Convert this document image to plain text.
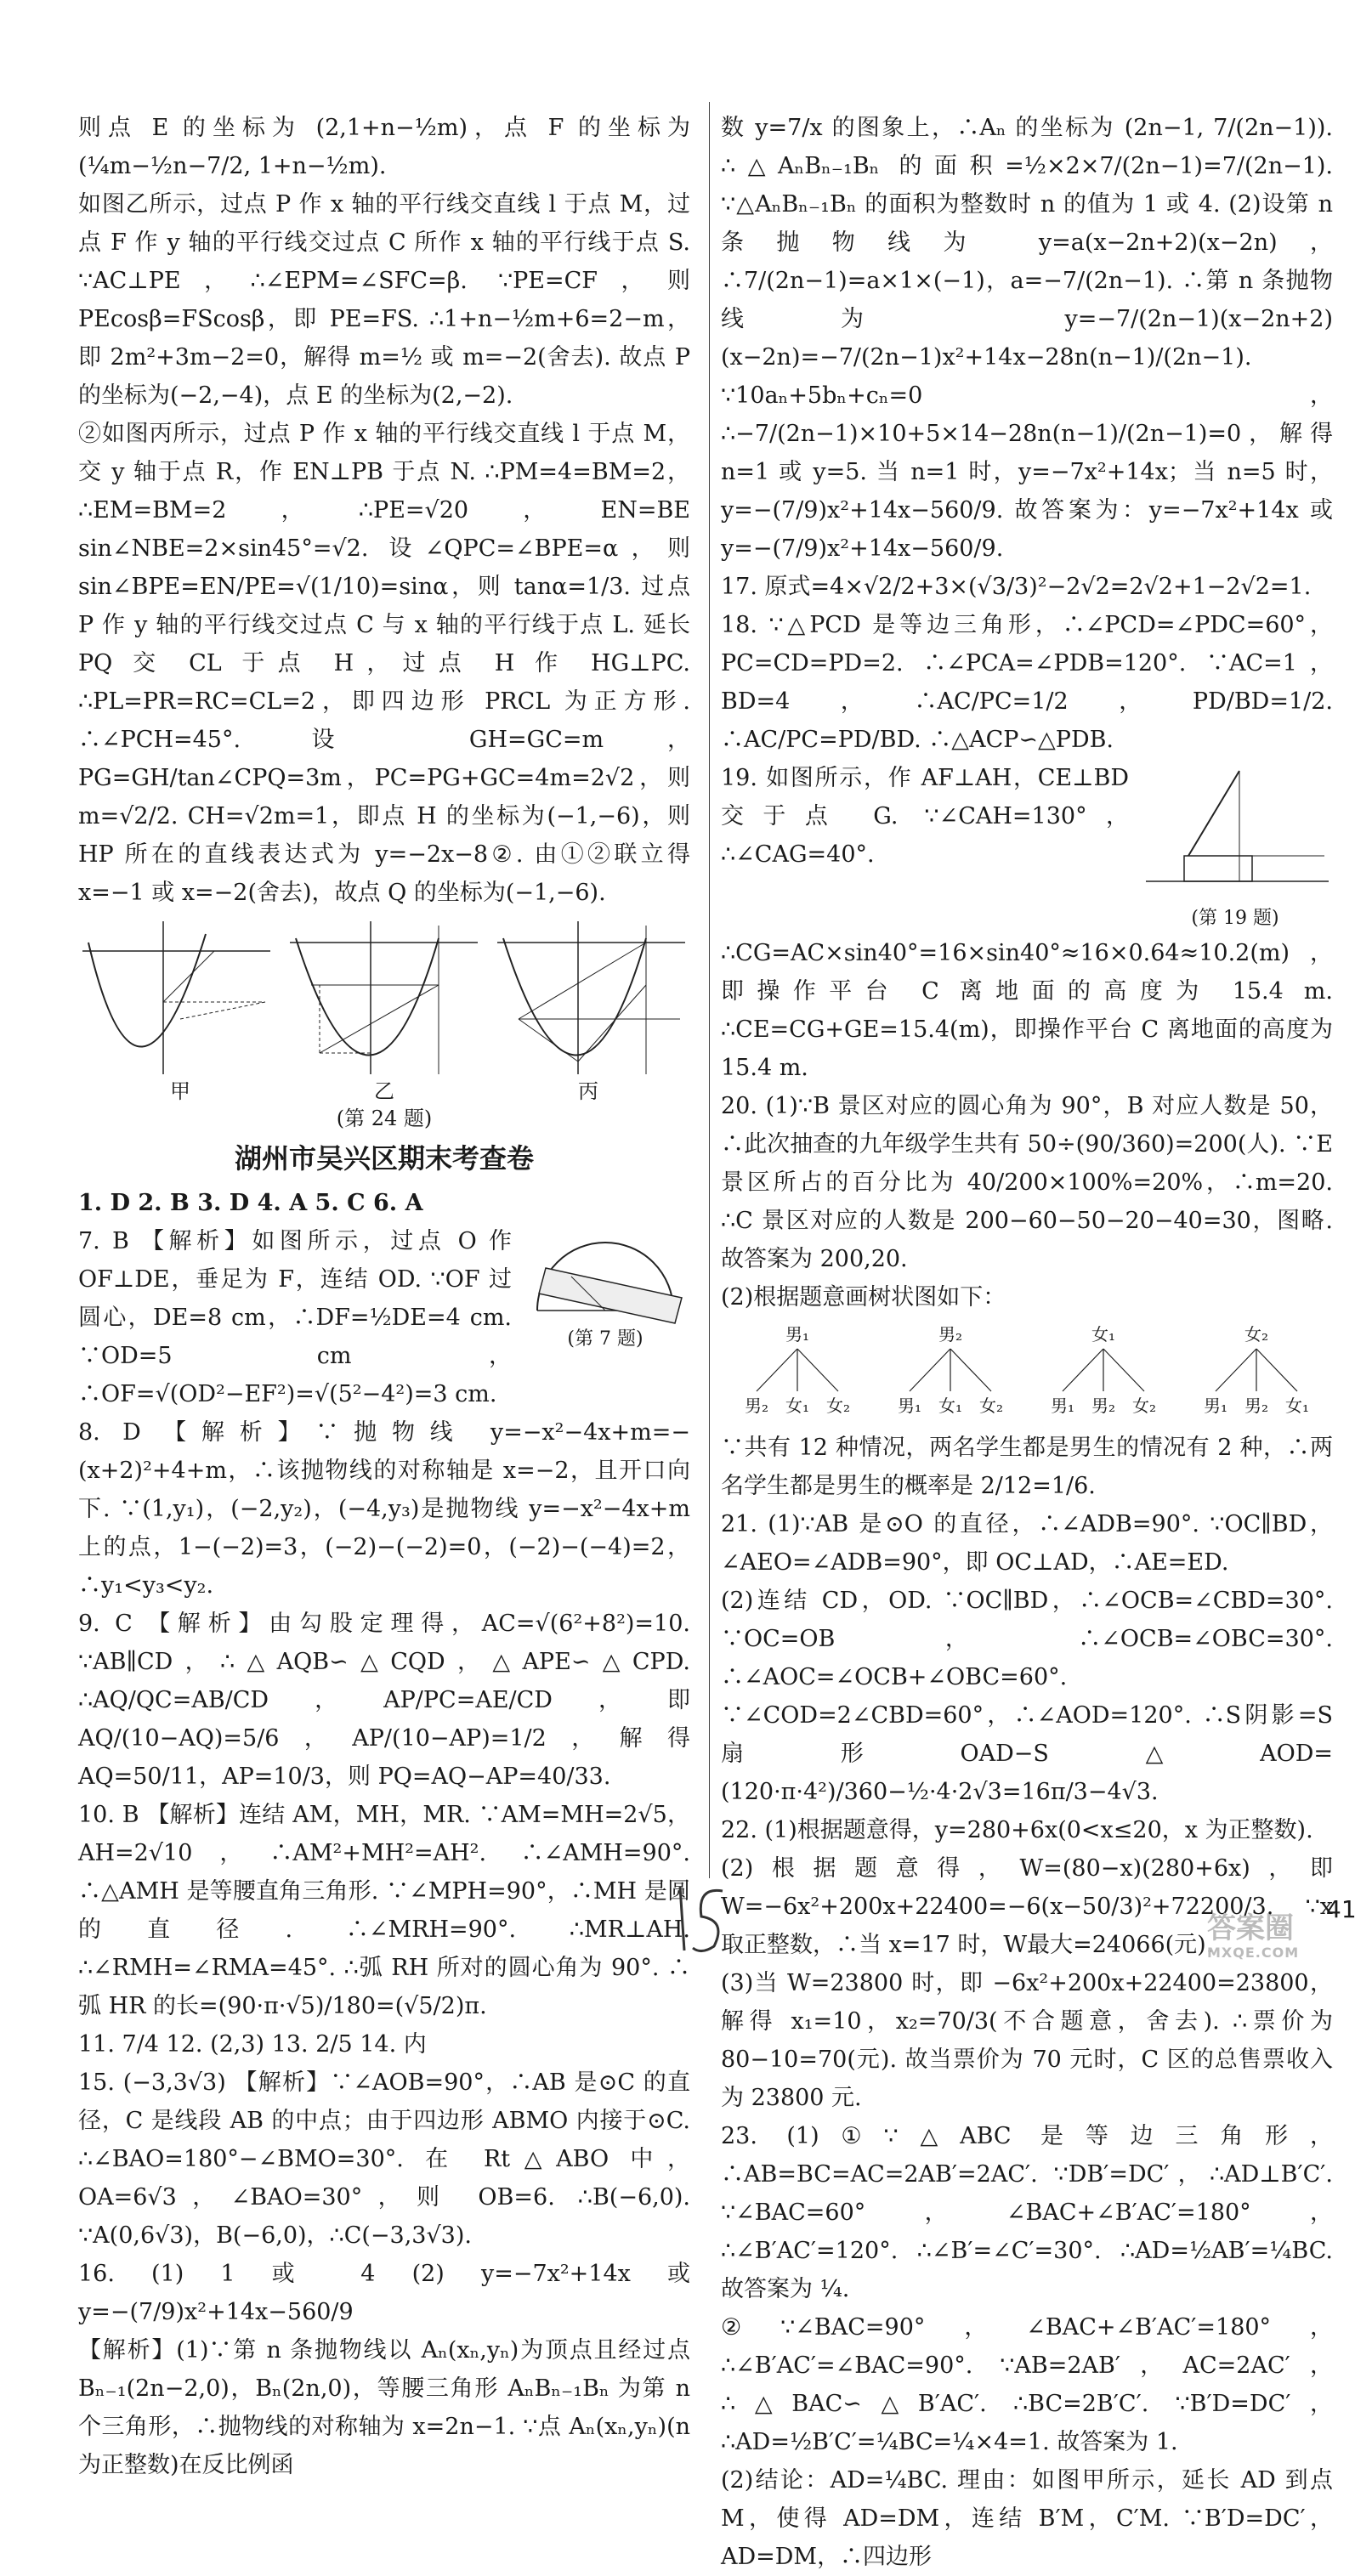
则点 E 的坐标为 (2,1+n−½m)，点 F 的坐标为 (¼m−½n−7/2, 1+n−½m).

如图乙所示，过点 P 作 x 轴的平行线交直线 l 于点 M，过点 F 作 y 轴的平行线交过点 C 所作 x 轴的平行线于点 S. ∵AC⊥PE，∴∠EPM=∠SFC=β. ∵PE=CF，则 PEcosβ=FScosβ，即 PE=FS. ∴1+n−½m+6=2−m，即 2m²+3m−2=0，解得 m=½ 或 m=−2(舍去). 故点 P 的坐标为(−2,−4)，点 E 的坐标为(2,−2).

②如图丙所示，过点 P 作 x 轴的平行线交直线 l 于点 M，交 y 轴于点 R，作 EN⊥PB 于点 N. ∴PM=4=BM=2，∴EM=BM=2，∴PE=√20，EN=BE sin∠NBE=2×sin45°=√2. 设∠QPC=∠BPE=α，则 sin∠BPE=EN/PE=√(1/10)=sinα，则 tanα=1/3. 过点 P 作 y 轴的平行线交过点 C 与 x 轴的平行线于点 L. 延长 PQ 交 CL 于点 H，过点 H 作 HG⊥PC. ∴PL=PR=RC=CL=2，即四边形 PRCL 为正方形. ∴∠PCH=45°. 设 GH=GC=m，PG=GH/tan∠CPQ=3m，PC=PG+GC=4m=2√2，则 m=√2/2. CH=√2m=1，即点 H 的坐标为(−1,−6)，则 HP 所在的直线表达式为 y=−2x−8②. 由①②联立得 x=−1 或 x=−2(舍去)，故点 Q 的坐标为(−1,−6).

甲	乙	丙
(第 24 题)
湖州市吴兴区期末考查卷

1. D 2. B 3. D 4. A 5. C 6. A

(第 7 题)

7. B 【解析】如图所示，过点 O 作 OF⊥DE，垂足为 F，连结 OD. ∵OF 过圆心，DE=8 cm，∴DF=½DE=4 cm. ∵OD=5 cm，∴OF=√(OD²−EF²)=√(5²−4²)=3 cm.

8. D 【解析】∵抛物线 y=−x²−4x+m=−(x+2)²+4+m，∴该抛物线的对称轴是 x=−2，且开口向下. ∵(1,y₁)，(−2,y₂)，(−4,y₃)是抛物线 y=−x²−4x+m 上的点，1−(−2)=3，(−2)−(−2)=0，(−2)−(−4)=2，∴y₁<y₃<y₂.

9. C 【解析】由勾股定理得，AC=√(6²+8²)=10. ∵AB∥CD，∴△AQB∽△CQD，△APE∽△CPD. ∴AQ/QC=AB/CD，AP/PC=AE/CD，即 AQ/(10−AQ)=5/6，AP/(10−AP)=1/2，解得 AQ=50/11，AP=10/3，则 PQ=AQ−AP=40/33.

10. B 【解析】连结 AM，MH，MR. ∵AM=MH=2√5，AH=2√10，∴AM²+MH²=AH². ∴∠AMH=90°. ∴△AMH 是等腰直角三角形. ∵∠MPH=90°，∴MH 是圆的直径. ∴∠MRH=90°. ∴MR⊥AH. ∴∠RMH=∠RMA=45°. ∴弧 RH 所对的圆心角为 90°. ∴弧 HR 的长=(90·π·√5)/180=(√5/2)π.

11. 7/4 12. (2,3) 13. 2/5 14. 内

15. (−3,3√3) 【解析】∵∠AOB=90°，∴AB 是⊙C 的直径，C 是线段 AB 的中点；由于四边形 ABMO 内接于⊙C. ∴∠BAO=180°−∠BMO=30°. 在 Rt△ABO 中，OA=6√3，∠BAO=30°，则 OB=6. ∴B(−6,0). ∵A(0,6√3)，B(−6,0)，∴C(−3,3√3).

16. (1) 1 或 4 (2) y=−7x²+14x 或 y=−(7/9)x²+14x−560/9

【解析】(1)∵第 n 条抛物线以 Aₙ(xₙ,yₙ)为顶点且经过点 Bₙ₋₁(2n−2,0)，Bₙ(2n,0)，等腰三角形 AₙBₙ₋₁Bₙ 为第 n 个三角形，∴抛物线的对称轴为 x=2n−1. ∵点 Aₙ(xₙ,yₙ)(n 为正整数)在反比例函

数 y=7/x 的图象上，∴Aₙ 的坐标为 (2n−1, 7/(2n−1)). ∴△AₙBₙ₋₁Bₙ 的面积=½×2×7/(2n−1)=7/(2n−1). ∵△AₙBₙ₋₁Bₙ 的面积为整数时 n 的值为 1 或 4. (2)设第 n 条抛物线为 y=a(x−2n+2)(x−2n)，∴7/(2n−1)=a×1×(−1)，a=−7/(2n−1). ∴第 n 条抛物线为 y=−7/(2n−1)(x−2n+2)(x−2n)=−7/(2n−1)x²+14x−28n(n−1)/(2n−1). ∵10aₙ+5bₙ+cₙ=0，∴−7/(2n−1)×10+5×14−28n(n−1)/(2n−1)=0，解得 n=1 或 y=5. 当 n=1 时，y=−7x²+14x；当 n=5 时，y=−(7/9)x²+14x−560/9. 故答案为：y=−7x²+14x 或 y=−(7/9)x²+14x−560/9.

17. 原式=4×√2/2+3×(√3/3)²−2√2=2√2+1−2√2=1.

18. ∵△PCD 是等边三角形，∴∠PCD=∠PDC=60°，PC=CD=PD=2. ∴∠PCA=∠PDB=120°. ∵AC=1，BD=4，∴AC/PC=1/2，PD/BD=1/2. ∴AC/PC=PD/BD. ∴△ACP∽△PDB.

(第 19 题)

19. 如图所示，作 AF⊥AH，CE⊥BD 交于点 G. ∵∠CAH=130°，∴∠CAG=40°. ∴CG=AC×sin40°=16×sin40°≈16×0.64≈10.2(m)，即操作平台 C 离地面的高度为 15.4 m. ∴CE=CG+GE=15.4(m)，即操作平台 C 离地面的高度为 15.4 m.

20. (1)∵B 景区对应的圆心角为 90°，B 对应人数是 50，∴此次抽查的九年级学生共有 50÷(90/360)=200(人). ∵E 景区所占的百分比为 40/200×100%=20%，∴m=20. ∴C 景区对应的人数是 200−60−50−20−40=30，图略. 故答案为 200,20.

(2)根据题意画树状图如下：

男₁
男₂ 女₁ 女₂
男₂
男₁ 女₁ 女₂
女₁
男₁ 男₂ 女₂
女₂
男₁ 男₂ 女₁

∵共有 12 种情况，两名学生都是男生的情况有 2 种，∴两名学生都是男生的概率是 2/12=1/6.

21. (1)∵AB 是⊙O 的直径，∴∠ADB=90°. ∵OC∥BD，∠AEO=∠ADB=90°，即 OC⊥AD，∴AE=ED.

(2)连结 CD，OD. ∵OC∥BD，∴∠OCB=∠CBD=30°. ∵OC=OB，∴∠OCB=∠OBC=30°. ∴∠AOC=∠OCB+∠OBC=60°. ∵∠COD=2∠CBD=60°，∴∠AOD=120°. ∴S阴影=S扇形OAD−S△AOD=(120·π·4²)/360−½·4·2√3=16π/3−4√3.

22. (1)根据题意得，y=280+6x(0<x≤20，x 为正整数).

(2)根据题意得，W=(80−x)(280+6x)，即 W=−6x²+200x+22400=−6(x−50/3)²+72200/3. ∵x 取正整数，∴当 x=17 时，W最大=24066(元).

(3)当 W=23800 时，即 −6x²+200x+22400=23800，解得 x₁=10，x₂=70/3(不合题意，舍去). ∴票价为 80−10=70(元). 故当票价为 70 元时，C 区的总售票收入为 23800 元.

23. (1)①∵△ABC 是等边三角形，∴AB=BC=AC=2AB′=2AC′. ∵DB′=DC′，∴AD⊥B′C′. ∵∠BAC=60°，∠BAC+∠B′AC′=180°，∴∠B′AC′=120°. ∴∠B′=∠C′=30°. ∴AD=½AB′=¼BC. 故答案为 ¼.

②∵∠BAC=90°，∠BAC+∠B′AC′=180°，∴∠B′AC′=∠BAC=90°. ∵AB=2AB′，AC=2AC′，∴△BAC∽△B′AC′. ∴BC=2B′C′. ∵B′D=DC′，∴AD=½B′C′=¼BC=¼×4=1. 故答案为 1.

(2)结论：AD=¼BC. 理由：如图甲所示，延长 AD 到点 M，使得 AD=DM，连结 B′M，C′M. ∵B′D=DC′，AD=DM，∴四边形

41
答案圈
MXQE.COM
